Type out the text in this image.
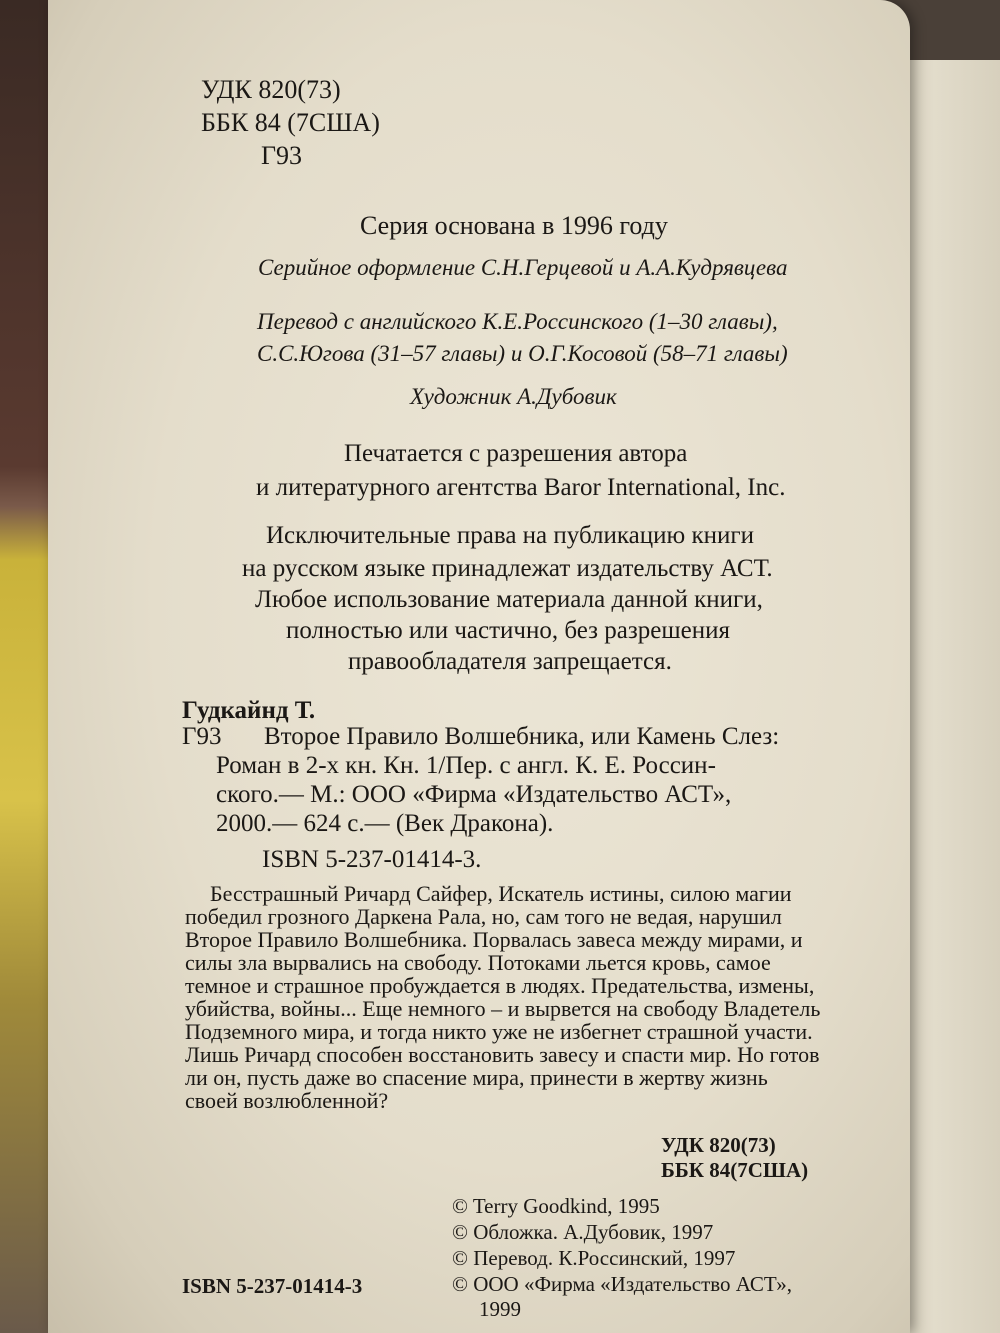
УДК 820(73)
ББК 84 (7США)
Г93
Серия основана в 1996 году
Серийное оформление С.Н.Герцевой и А.А.Кудрявцева
Перевод с английского К.Е.Россинского (1–30 главы),
С.С.Югова (31–57 главы) и О.Г.Косовой (58–71 главы)
Художник А.Дубовик
Печатается с разрешения автора
и литературного агентства Baror International, Inc.
Исключительные права на публикацию книги
на русском языке принадлежат издательству АСТ.
Любое использование материала данной книги,
полностью или частично, без разрешения
правообладателя запрещается.
Гудкайнд Т.
Г93 Второе Правило Волшебника, или Камень Слез:
Роман в 2-х кн. Кн. 1/Пер. с англ. К. Е. Россин-
ского.— М.: ООО «Фирма «Издательство АСТ»,
2000.— 624 с.— (Век Дракона).
ISBN 5-237-01414-3.
Бесстрашный Ричард Сайфер, Искатель истины, силою магии
победил грозного Даркена Рала, но, сам того не ведая, нарушил
Второе Правило Волшебника. Порвалась завеса между мирами, и
силы зла вырвались на свободу. Потоками льется кровь, самое
темное и страшное пробуждается в людях. Предательства, измены,
убийства, войны... Еще немного – и вырвется на свободу Владетель
Подземного мира, и тогда никто уже не избегнет страшной участи.
Лишь Ричард способен восстановить завесу и спасти мир. Но готов
ли он, пусть даже во спасение мира, принести в жертву жизнь
своей возлюбленной?
УДК 820(73)
ББК 84(7США)
© Terry Goodkind, 1995
© Обложка. А.Дубовик, 1997
© Перевод. К.Россинский, 1997
© ООО «Фирма «Издательство АСТ»,
1999
ISBN 5-237-01414-3
